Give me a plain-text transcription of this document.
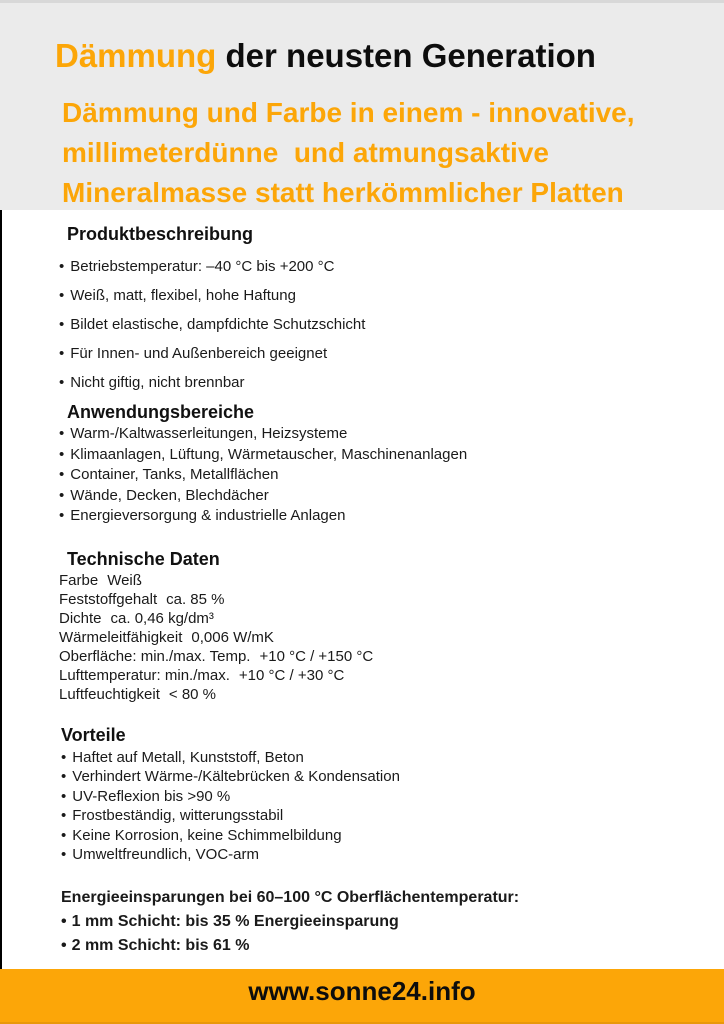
Dämmung der neusten Generation
Dämmung und Farbe in einem - innovative,
millimeterdünne  und atmungsaktive
Mineralmasse statt herkömmlicher Platten
Produktbeschreibung
• Betriebstemperatur: –40 °C bis +200 °C
• Weiß, matt, flexibel, hohe Haftung
• Bildet elastische, dampfdichte Schutzschicht
• Für Innen- und Außenbereich geeignet
• Nicht giftig, nicht brennbar
Anwendungsbereiche
• Warm-/Kaltwasserleitungen, Heizsysteme
• Klimaanlagen, Lüftung, Wärmetauscher, Maschinenanlagen
• Container, Tanks, Metallflächen
• Wände, Decken, Blechdächer
• Energieversorgung & industrielle Anlagen
Technische Daten
Farbe Weiß
Feststoffgehalt ca. 85 %
Dichte ca. 0,46 kg/dm³
Wärmeleitfähigkeit 0,006 W/mK
Oberfläche: min./max. Temp. +10 °C / +150 °C
Lufttemperatur: min./max. +10 °C / +30 °C
Luftfeuchtigkeit < 80 %
Vorteile
• Haftet auf Metall, Kunststoff, Beton
• Verhindert Wärme-/Kältebrücken & Kondensation
• UV-Reflexion bis >90 %
• Frostbeständig, witterungsstabil
• Keine Korrosion, keine Schimmelbildung
• Umweltfreundlich, VOC-arm
Energieeinsparungen bei 60–100 °C Oberflächentemperatur:
• 1 mm Schicht: bis 35 % Energieeinsparung
• 2 mm Schicht: bis 61 %
www.sonne24.info
